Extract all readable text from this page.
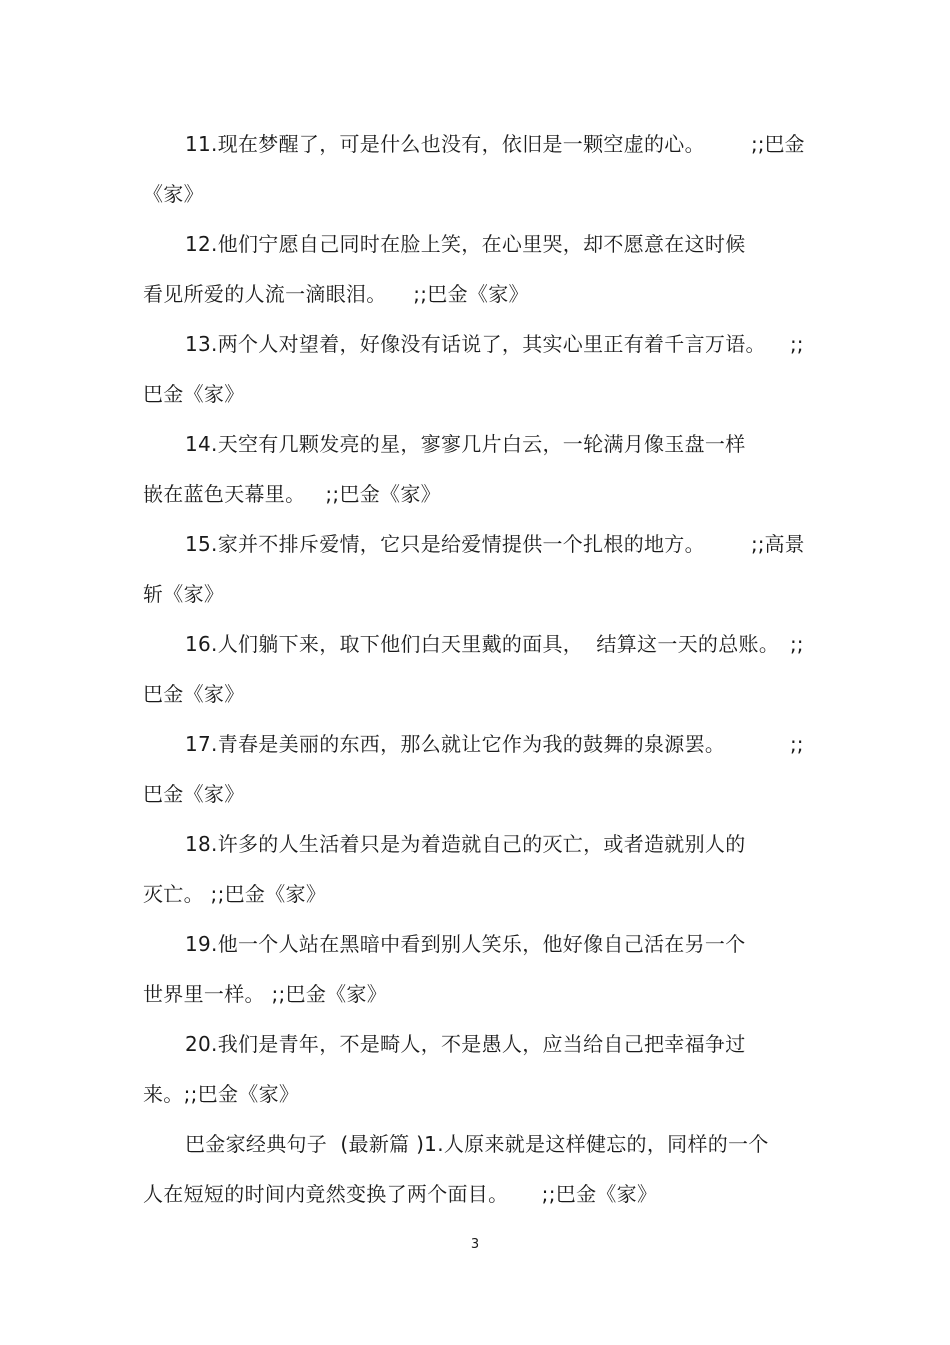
11.现在梦醒了，可是什么也没有，依旧是一颗空虚的心。 ;;巴金
《家》
12.他们宁愿自己同时在脸上笑，在心里哭，却不愿意在这时候
看见所爱的人流一滴眼泪。    ;;巴金《家》
13.两个人对望着，好像没有话说了，其实心里正有着千言万语。 ;;
巴金《家》
14.天空有几颗发亮的星，寥寥几片白云，一轮满月像玉盘一样
嵌在蓝色天幕里。   ;;巴金《家》
15.家并不排斥爱情，它只是给爱情提供一个扎根的地方。 ;;高景
斩《家》
16.人们躺下来，取下他们白天里戴的面具，  结算这一天的总账。 ;;
巴金《家》
17.青春是美丽的东西，那么就让它作为我的鼓舞的泉源罢。	;;
巴金《家》
18.许多的人生活着只是为着造就自己的灭亡，或者造就别人的
灭亡。 ;;巴金《家》
19.他一个人站在黑暗中看到别人笑乐，他好像自己活在另一个
世界里一样。 ;;巴金《家》
20.我们是青年，不是畸人，不是愚人，应当给自己把幸福争过
来。;;巴金《家》
巴金家经典句子  (最新篇 )1.人原来就是这样健忘的，同样的一个
人在短短的时间内竟然变换了两个面目。     ;;巴金《家》
3
